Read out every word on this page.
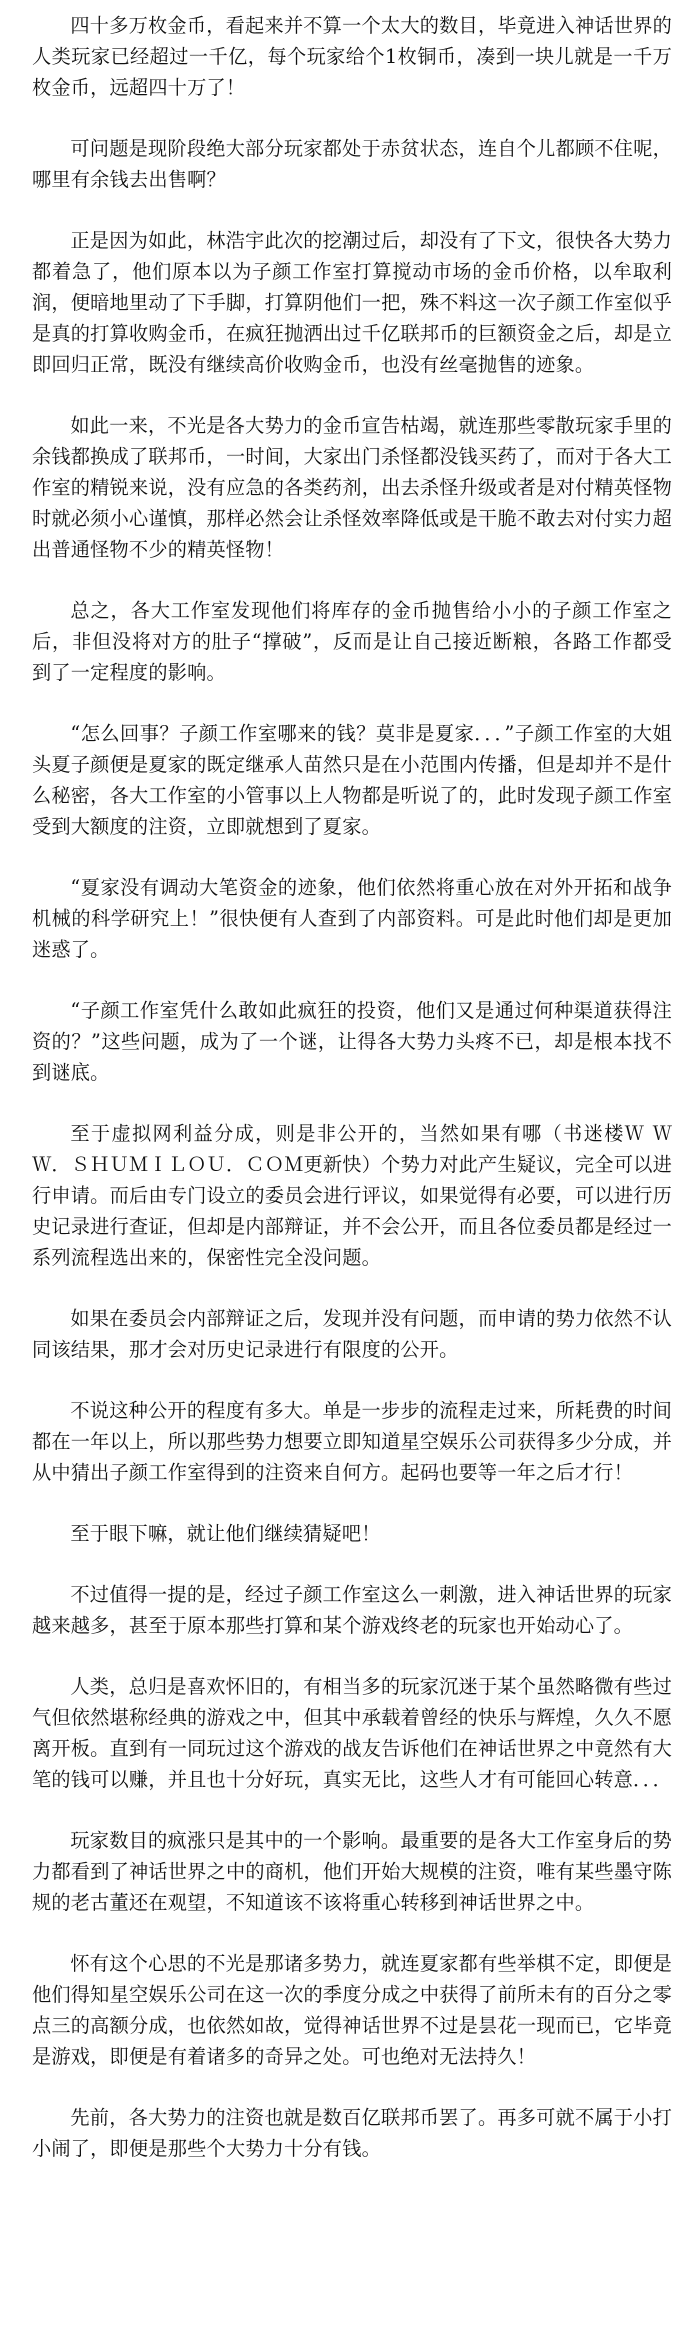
四十多万枚金币，看起来并不算一个太大的数目，毕竟进入神话世界的人类玩家已经超过一千亿，每个玩家给个1枚铜币，凑到一块儿就是一千万枚金币，远超四十万了！

可问题是现阶段绝大部分玩家都处于赤贫状态，连自个儿都顾不住呢，哪里有余钱去出售啊？

正是因为如此，林浩宇此次的挖潮过后，却没有了下文，很快各大势力都着急了，他们原本以为子颜工作室打算搅动市场的金币价格，以牟取利润，便暗地里动了下手脚，打算阴他们一把，殊不料这一次子颜工作室似乎是真的打算收购金币，在疯狂抛洒出过千亿联邦币的巨额资金之后，却是立即回归正常，既没有继续高价收购金币，也没有丝毫抛售的迹象。

如此一来，不光是各大势力的金币宣告枯竭，就连那些零散玩家手里的余钱都换成了联邦币，一时间，大家出门杀怪都没钱买药了，而对于各大工作室的精锐来说，没有应急的各类药剂，出去杀怪升级或者是对付精英怪物时就必须小心谨慎，那样必然会让杀怪效率降低或是干脆不敢去对付实力超出普通怪物不少的精英怪物！

总之，各大工作室发现他们将库存的金币抛售给小小的子颜工作室之后，非但没将对方的肚子“撑破”，反而是让自己接近断粮，各路工作都受到了一定程度的影响。

“怎么回事？子颜工作室哪来的钱？莫非是夏家．．．”子颜工作室的大姐头夏子颜便是夏家的既定继承人苗然只是在小范围内传播，但是却并不是什么秘密，各大工作室的小管事以上人物都是听说了的，此时发现子颜工作室受到大额度的注资，立即就想到了夏家。

“夏家没有调动大笔资金的迹象，他们依然将重心放在对外开拓和战争机械的科学研究上！”很快便有人查到了内部资料。可是此时他们却是更加迷惑了。

“子颜工作室凭什么敢如此疯狂的投资，他们又是通过何种渠道获得注资的？”这些问题，成为了一个谜，让得各大势力头疼不已，却是根本找不到谜底。

至于虚拟网利益分成，则是非公开的，当然如果有哪（书迷楼Ｗ ＷＷ．ＳＨＵＭＩＬＯＵ．ＣＯＭ更新快）个势力对此产生疑议，完全可以进行申请。而后由专门设立的委员会进行评议，如果觉得有必要，可以进行历史记录进行查证，但却是内部辩证，并不会公开，而且各位委员都是经过一系列流程选出来的，保密性完全没问题。

如果在委员会内部辩证之后，发现并没有问题，而申请的势力依然不认同该结果，那才会对历史记录进行有限度的公开。

不说这种公开的程度有多大。单是一步步的流程走过来，所耗费的时间都在一年以上，所以那些势力想要立即知道星空娱乐公司获得多少分成，并从中猜出子颜工作室得到的注资来自何方。起码也要等一年之后才行！

至于眼下嘛，就让他们继续猜疑吧！

不过值得一提的是，经过子颜工作室这么一刺激，进入神话世界的玩家越来越多，甚至于原本那些打算和某个游戏终老的玩家也开始动心了。

人类，总归是喜欢怀旧的，有相当多的玩家沉迷于某个虽然略微有些过气但依然堪称经典的游戏之中，但其中承载着曾经的快乐与辉煌，久久不愿离开板。直到有一同玩过这个游戏的战友告诉他们在神话世界之中竟然有大笔的钱可以赚，并且也十分好玩，真实无比，这些人才有可能回心转意．．．

玩家数目的疯涨只是其中的一个影响。最重要的是各大工作室身后的势力都看到了神话世界之中的商机，他们开始大规模的注资，唯有某些墨守陈规的老古董还在观望，不知道该不该将重心转移到神话世界之中。

怀有这个心思的不光是那诸多势力，就连夏家都有些举棋不定，即便是他们得知星空娱乐公司在这一次的季度分成之中获得了前所未有的百分之零点三的高额分成，也依然如故，觉得神话世界不过是昙花一现而已，它毕竟是游戏，即便是有着诸多的奇异之处。可也绝对无法持久！

先前，各大势力的注资也就是数百亿联邦币罢了。再多可就不属于小打小闹了，即便是那些个大势力十分有钱。
